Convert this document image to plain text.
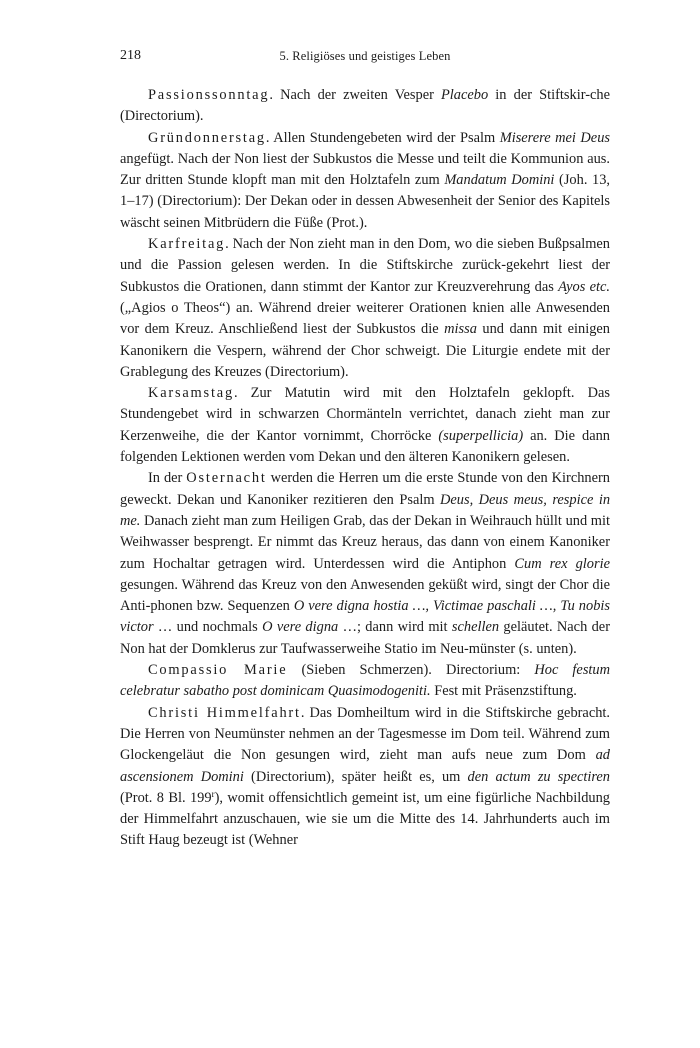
218	5. Religiöses und geistiges Leben

Passionssonntag. Nach der zweiten Vesper Placebo in der Stiftskir-che (Directorium).

Gründonnerstag. Allen Stundengebeten wird der Psalm Miserere mei Deus angefügt. Nach der Non liest der Subkustos die Messe und teilt die Kommunion aus. Zur dritten Stunde klopft man mit den Holztafeln zum Mandatum Domini (Joh. 13, 1–17) (Directorium): Der Dekan oder in dessen Abwesenheit der Senior des Kapitels wäscht seinen Mitbrüdern die Füße (Prot.).

Karfreitag. Nach der Non zieht man in den Dom, wo die sieben Bußpsalmen und die Passion gelesen werden. In die Stiftskirche zurück-gekehrt liest der Subkustos die Orationen, dann stimmt der Kantor zur Kreuzverehrung das Ayos etc. („Agios o Theos“) an. Während dreier weiterer Orationen knien alle Anwesenden vor dem Kreuz. Anschließend liest der Subkustos die missa und dann mit einigen Kanonikern die Vespern, während der Chor schweigt. Die Liturgie endete mit der Grablegung des Kreuzes (Directorium).

Karsamstag. Zur Matutin wird mit den Holztafeln geklopft. Das Stundengebet wird in schwarzen Chormänteln verrichtet, danach zieht man zur Kerzenweihe, die der Kantor vornimmt, Chorröcke (superpellicia) an. Die dann folgenden Lektionen werden vom Dekan und den älteren Kanonikern gelesen.

In der Osternacht werden die Herren um die erste Stunde von den Kirchnern geweckt. Dekan und Kanoniker rezitieren den Psalm Deus, Deus meus, respice in me. Danach zieht man zum Heiligen Grab, das der Dekan in Weihrauch hüllt und mit Weihwasser besprengt. Er nimmt das Kreuz heraus, das dann von einem Kanoniker zum Hochaltar getragen wird. Unterdessen wird die Antiphon Cum rex glorie gesungen. Während das Kreuz von den Anwesenden geküßt wird, singt der Chor die Anti-phonen bzw. Sequenzen O vere digna hostia …, Victimae paschali …, Tu nobis victor … und nochmals O vere digna …; dann wird mit schellen geläutet. Nach der Non hat der Domklerus zur Taufwasserweihe Statio im Neu-münster (s. unten).

Compassio Marie (Sieben Schmerzen). Directorium: Hoc festum celebratur sabatho post dominicam Quasimodogeniti. Fest mit Präsenzstiftung.

Christi Himmelfahrt. Das Domheiltum wird in die Stiftskirche gebracht. Die Herren von Neumünster nehmen an der Tagesmesse im Dom teil. Während zum Glockengeläut die Non gesungen wird, zieht man aufs neue zum Dom ad ascensionem Domini (Directorium), später heißt es, um den actum zu spectiren (Prot. 8 Bl. 199$^r$), womit offensichtlich gemeint ist, um eine figürliche Nachbildung der Himmelfahrt anzuschauen, wie sie um die Mitte des 14. Jahrhunderts auch im Stift Haug bezeugt ist (Wehner
